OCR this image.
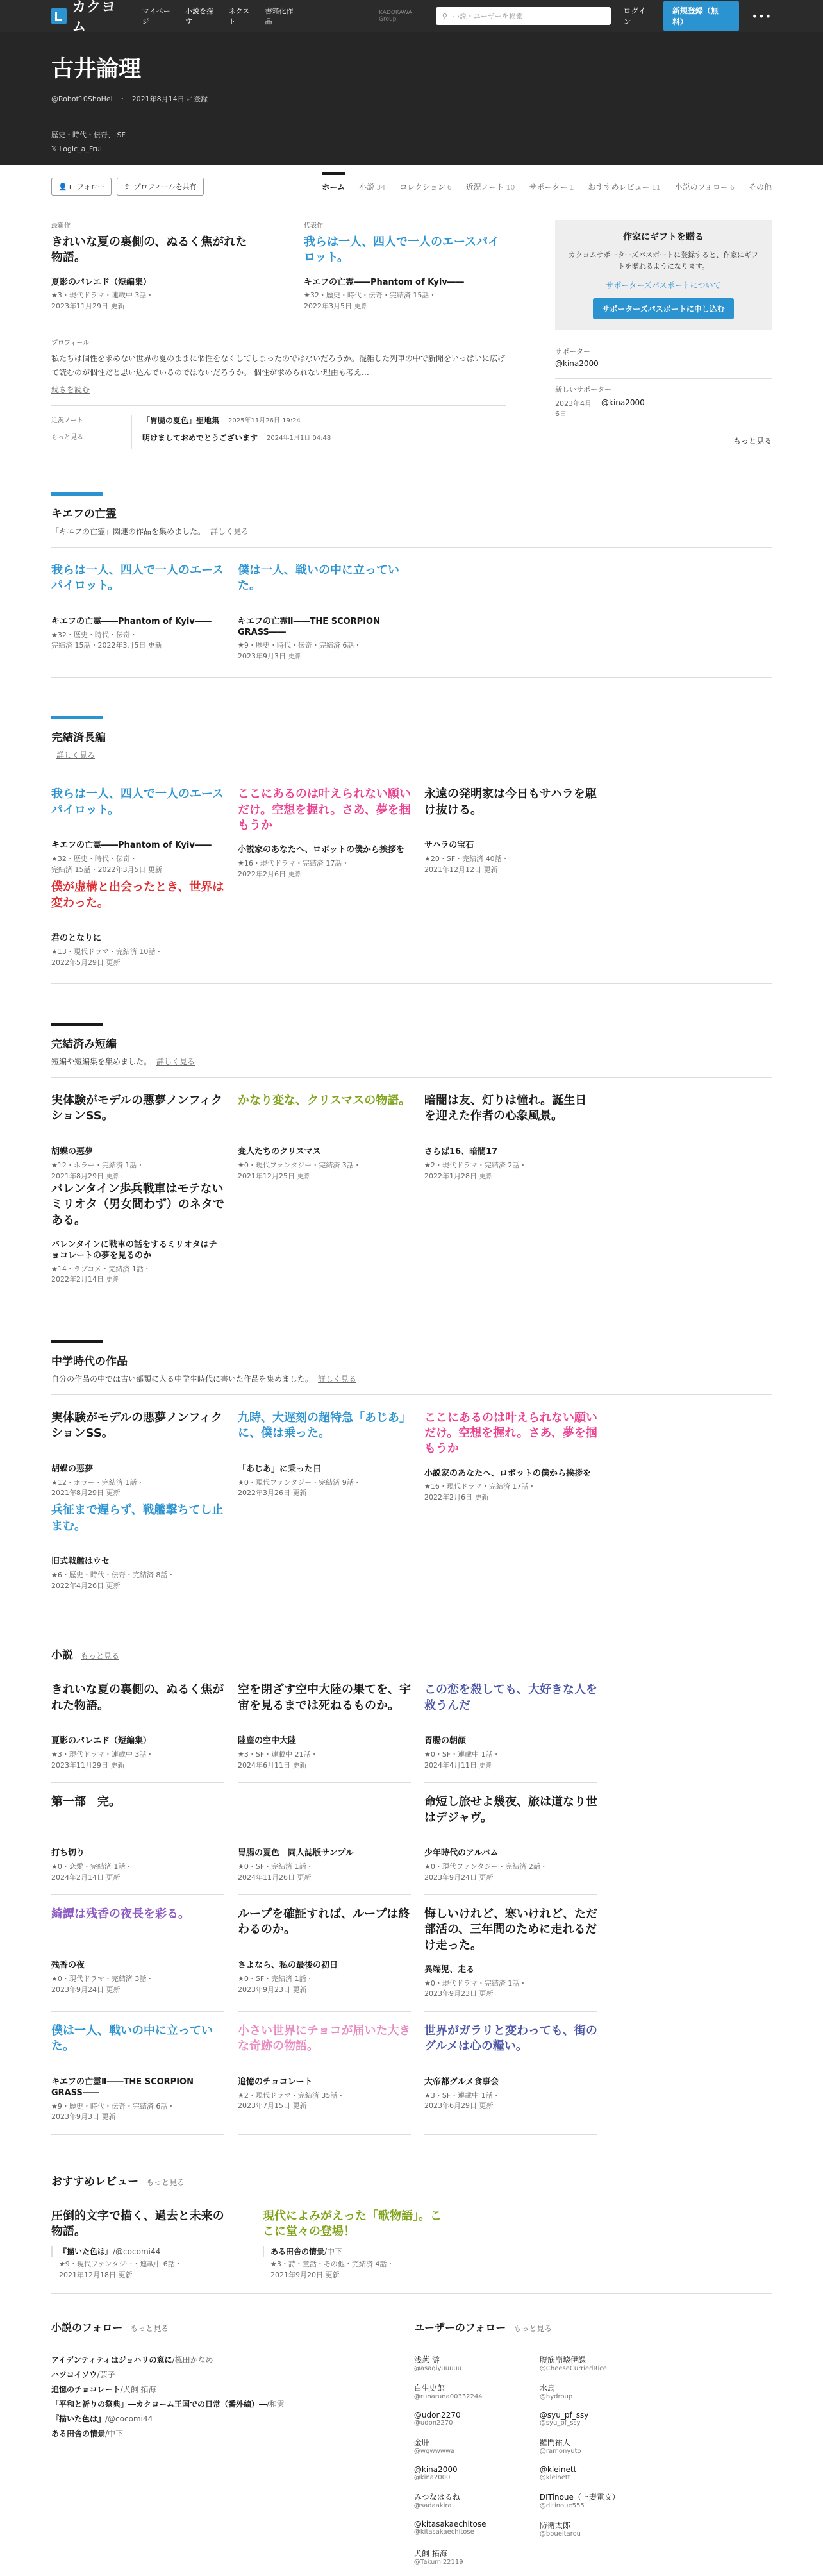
カクヨム
マイページ
小説を探す
ネクスト
書籍化作品
KADOKAWA Group	⚲ 小説・ユーザーを検索
ログイン
新規登録（無料）	•••
古井論理
@Robot10ShoHei ・ 2021年8月14日 に登録
歴史・時代・伝奇、 SF
𝕏 Logic_a_Frui
👤+ フォロー	⇪ プロフィールを共有	ホーム 小説 34 コレクション 6 近況ノート 10 サポーター 1 おすすめレビュー 11 小説のフォロー 6 その他
最新作
きれいな夏の裏側の、ぬるく焦がれた物語。
夏影のパレエド（短編集）
★3・現代ドラマ・連載中 3話・
2023年11月29日 更新
代表作
我らは一人、四人で一人のエースパイロット。
キエフの亡霊――Phantom of Kyiv――
★32・歴史・時代・伝奇・完結済 15話・
2022年3月5日 更新
プロフィール
私たちは個性を求めない世界の夏のままに個性をなくしてしまったのではないだろうか。混雑した列車の中で新聞をいっぱいに広げて読むのが個性だと思い込んでいるのではないだろうか。 個性が求められない理由も考え…
続きを読む
近況ノート
もっと見る
「胃腸の夏色」聖地集 2025年11月26日 19:24
明けましておめでとうございます 2024年1月1日 04:48
作家にギフトを贈る

カクヨムサポーターズパスポートに登録すると、作家にギフトを贈れるようになります。

サポーターズパスポートについて
サポーターズパスポートに申し込む
サポーター
@kina2000
新しいサポーター
2023年4月6日
@kina2000
もっと見る
キエフの亡霊
「キエフの亡霊」関連の作品を集めました。 詳しく見る
我らは一人、四人で一人のエースパイロット。
キエフの亡霊――Phantom of Kyiv――
★32・歴史・時代・伝奇・
完結済 15話・2022年3月5日 更新
僕は一人、戦いの中に立っていた。
キエフの亡霊Ⅱ――THE SCORPION GRASS――
★9・歴史・時代・伝奇・完結済 6話・
2023年9月3日 更新
完結済長編
詳しく見る
我らは一人、四人で一人のエースパイロット。
キエフの亡霊――Phantom of Kyiv――
★32・歴史・時代・伝奇・
完結済 15話・2022年3月5日 更新
ここにあるのは叶えられない願いだけ。空想を握れ。さあ、夢を掴もうか
小説家のあなたへ、ロボットの僕から挨拶を
★16・現代ドラマ・完結済 17話・
2022年2月6日 更新
永遠の発明家は今日もサハラを駆け抜ける。
サハラの宝石
★20・SF・完結済 40話・
2021年12月12日 更新
僕が虚構と出会ったとき、世界は変わった。
君のとなりに
★13・現代ドラマ・完結済 10話・
2022年5月29日 更新
完結済み短編
短編や短編集を集めました。 詳しく見る
実体験がモデルの悪夢ノンフィクションSS。
胡蝶の悪夢
★12・ホラー・完結済 1話・
2021年8月29日 更新
かなり変な、クリスマスの物語。
変人たちのクリスマス
★0・現代ファンタジー・完結済 3話・
2021年12月25日 更新
暗闇は友、灯りは憧れ。誕生日を迎えた作者の心象風景。
さらば16、暗闇17
★2・現代ドラマ・完結済 2話・
2022年1月28日 更新
バレンタイン歩兵戦車はモテないミリオタ（男女問わず）のネタである。
バレンタインに戦車の話をするミリオタはチョコレートの夢を見るのか
★14・ラブコメ・完結済 1話・
2022年2月14日 更新
中学時代の作品
自分の作品の中では古い部類に入る中学生時代に書いた作品を集めました。 詳しく見る
実体験がモデルの悪夢ノンフィクションSS。
胡蝶の悪夢
★12・ホラー・完結済 1話・
2021年8月29日 更新
九時、大遅刻の超特急「あじあ」に、僕は乗った。
「あじあ」に乗った日
★0・現代ファンタジー・完結済 9話・
2022年3月26日 更新
ここにあるのは叶えられない願いだけ。空想を握れ。さあ、夢を掴もうか
小説家のあなたへ、ロボットの僕から挨拶を
★16・現代ドラマ・完結済 17話・
2022年2月6日 更新
兵征まで遅らず、戦艦撃ちてし止まむ。
旧式戦艦はウセ
★6・歴史・時代・伝奇・完結済 8話・
2022年4月26日 更新
小説 もっと見る
きれいな夏の裏側の、ぬるく焦がれた物語。
夏影のパレエド（短編集）
★3・現代ドラマ・連載中 3話・
2023年11月29日 更新
空を閉ざす空中大陸の果てを、宇宙を見るまでは死ねるものか。
陸塵の空中大陸
★3・SF・連載中 21話・
2024年6月11日 更新
この恋を殺しても、大好きな人を救うんだ
胃腸の朝顔
★0・SF・連載中 1話・
2024年4月11日 更新
第一部　完。
打ち切り
★0・恋愛・完結済 1話・
2024年2月14日 更新
胃腸の夏色　同人誌版サンプル
★0・SF・完結済 1話・
2024年11月26日 更新
命短し旅せよ幾夜、旅は道なり世はデジャヴ。
少年時代のアルバム
★0・現代ファンタジー・完結済 2話・
2023年9月24日 更新
綺譚は残香の夜長を彩る。
残香の夜
★0・現代ドラマ・完結済 3話・
2023年9月24日 更新
ループを確証すれば、ループは終わるのか。
さよなら、私の最後の初日
★0・SF・完結済 1話・
2023年9月23日 更新
悔しいけれど、寒いけれど、ただ部活の、三年間のために走れるだけ走った。
異端児、走る
★0・現代ドラマ・完結済 1話・
2023年9月23日 更新
僕は一人、戦いの中に立っていた。
キエフの亡霊Ⅱ――THE SCORPION GRASS――
★9・歴史・時代・伝奇・完結済 6話・
2023年9月3日 更新
小さい世界にチョコが届いた大きな奇跡の物語。
追憶のチョコレート
★2・現代ドラマ・完結済 35話・
2023年7月15日 更新
世界がガラリと変わっても、街のグルメは心の糧い。
大帝都グルメ食事会
★3・SF・連載中 1話・
2023年6月29日 更新
おすすめレビュー もっと見る
圧倒的文字で描く、過去と未来の物語。
『描いた色は』/@cocomi44
★9・現代ファンタジー・連載中 6話・
2021年12月18日 更新
現代によみがえった「歌物語」。ここに堂々の登場！
ある田舎の情景/中下
★3・詩・童話・その他・完結済 4話・
2021年9月20日 更新
小説のフォロー もっと見る
アイデンティティはジョハリの窓に/楓田かなめ
ハツコイソウ/芸子
追憶のチョコレート/犬飼 拓海
「平和と祈りの祭典」―カクヨーム王国での日常（番外編）―/和雲
『描いた色は』/@cocomi44
ある田舎の情景/中下
ユーザーのフォロー もっと見る
浅葱 游
@asagiyuuuuu
腹筋崩壊伊課
@CheeseCurriedRice
白生史郎
@runaruna00332244
水鳥
@hydroup
@udon2270
@udon2270
@syu_pf_ssy
@syu_pf_ssy
金肝
@wqwwwwa
羅門祐人
@ramonyuto
@kina2000
@kina2000
@kleinett
@kleinett
みつなはるね
@sadaakira
DITinoue（上妻電文）
@ditinoue555
@kitasakaechitose
@kitasakaechitose
防衛太郎
@boueitarou
犬飼 拓海
@Takumi22119
